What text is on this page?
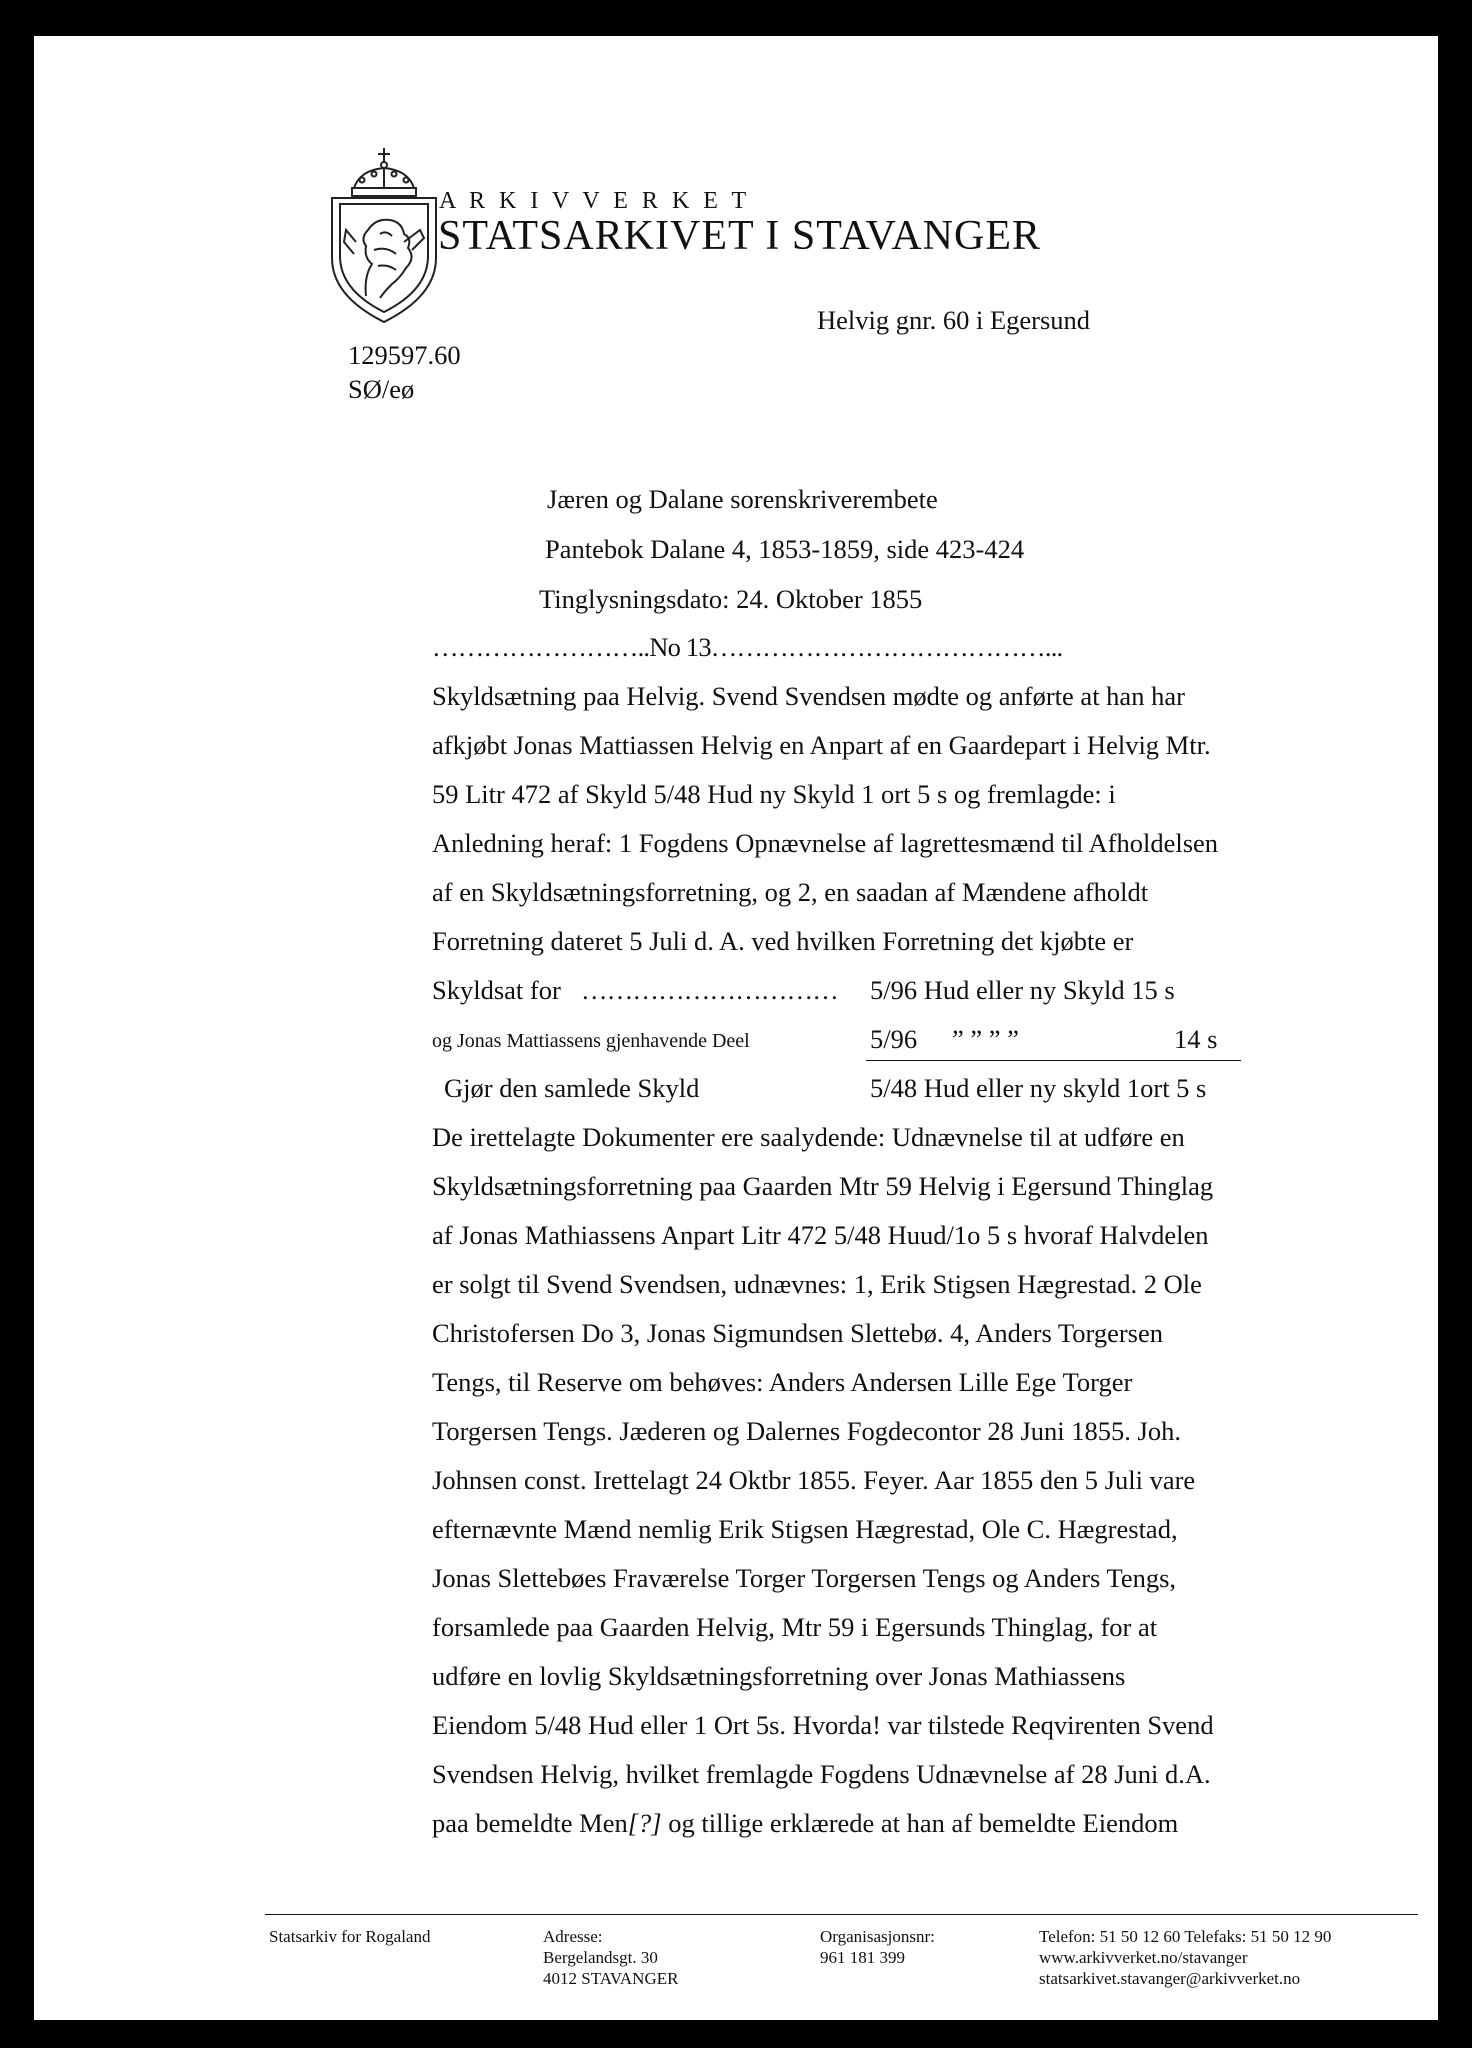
A R K I V V E R K E T
STATSARKIVET I STAVANGER
Helvig gnr. 60 i Egersund
129597.60
SØ/eø
Jæren og Dalane sorenskriverembete
Pantebok Dalane 4, 1853-1859, side 423-424
Tinglysningsdato: 24. Oktober 1855
……………………..No 13…………………………………...
Skyldsætning paa Helvig. Svend Svendsen mødte og anførte at han har
afkjøbt Jonas Mattiassen Helvig en Anpart af en Gaardepart i Helvig Mtr.
59 Litr 472 af Skyld 5/48 Hud ny Skyld 1 ort 5 s og fremlagde: i
Anledning heraf: 1 Fogdens Opnævnelse af lagrettesmænd til Afholdelsen
af en Skyldsætningsforretning, og 2, en saadan af Mændene afholdt
Forretning dateret 5 Juli d. A. ved hvilken Forretning det kjøbte er
Skyldsat for ………………………… 5/96 Hud eller ny Skyld 15 s
og Jonas Mattiassens gjenhavende Deel	5/96 ” ” ” ”	14 s
Gjør den samlede Skyld	5/48 Hud eller ny skyld 1ort 5 s
De irettelagte Dokumenter ere saalydende: Udnævnelse til at udføre en
Skyldsætningsforretning paa Gaarden Mtr 59 Helvig i Egersund Thinglag
af Jonas Mathiassens Anpart Litr 472 5/48 Huud/1o 5 s hvoraf Halvdelen
er solgt til Svend Svendsen, udnævnes: 1, Erik Stigsen Hægrestad. 2 Ole
Christofersen Do 3, Jonas Sigmundsen Slettebø. 4, Anders Torgersen
Tengs, til Reserve om behøves: Anders Andersen Lille Ege Torger
Torgersen Tengs. Jæderen og Dalernes Fogdecontor 28 Juni 1855. Joh.
Johnsen const. Irettelagt 24 Oktbr 1855. Feyer. Aar 1855 den 5 Juli vare
efternævnte Mænd nemlig Erik Stigsen Hægrestad, Ole C. Hægrestad,
Jonas Slettebøes Fraværelse Torger Torgersen Tengs og Anders Tengs,
forsamlede paa Gaarden Helvig, Mtr 59 i Egersunds Thinglag, for at
udføre en lovlig Skyldsætningsforretning over Jonas Mathiassens
Eiendom 5/48 Hud eller 1 Ort 5s. Hvorda! var tilstede Reqvirenten Svend
Svendsen Helvig, hvilket fremlagde Fogdens Udnævnelse af 28 Juni d.A.
paa bemeldte Men[?] og tillige erklærede at han af bemeldte Eiendom
Statsarkiv for Rogaland	Adresse:
Bergelandsgt. 30
4012 STAVANGER
Organisasjonsnr:
961 181 399
Telefon: 51 50 12 60 Telefaks: 51 50 12 90
www.arkivverket.no/stavanger
statsarkivet.stavanger@arkivverket.no
